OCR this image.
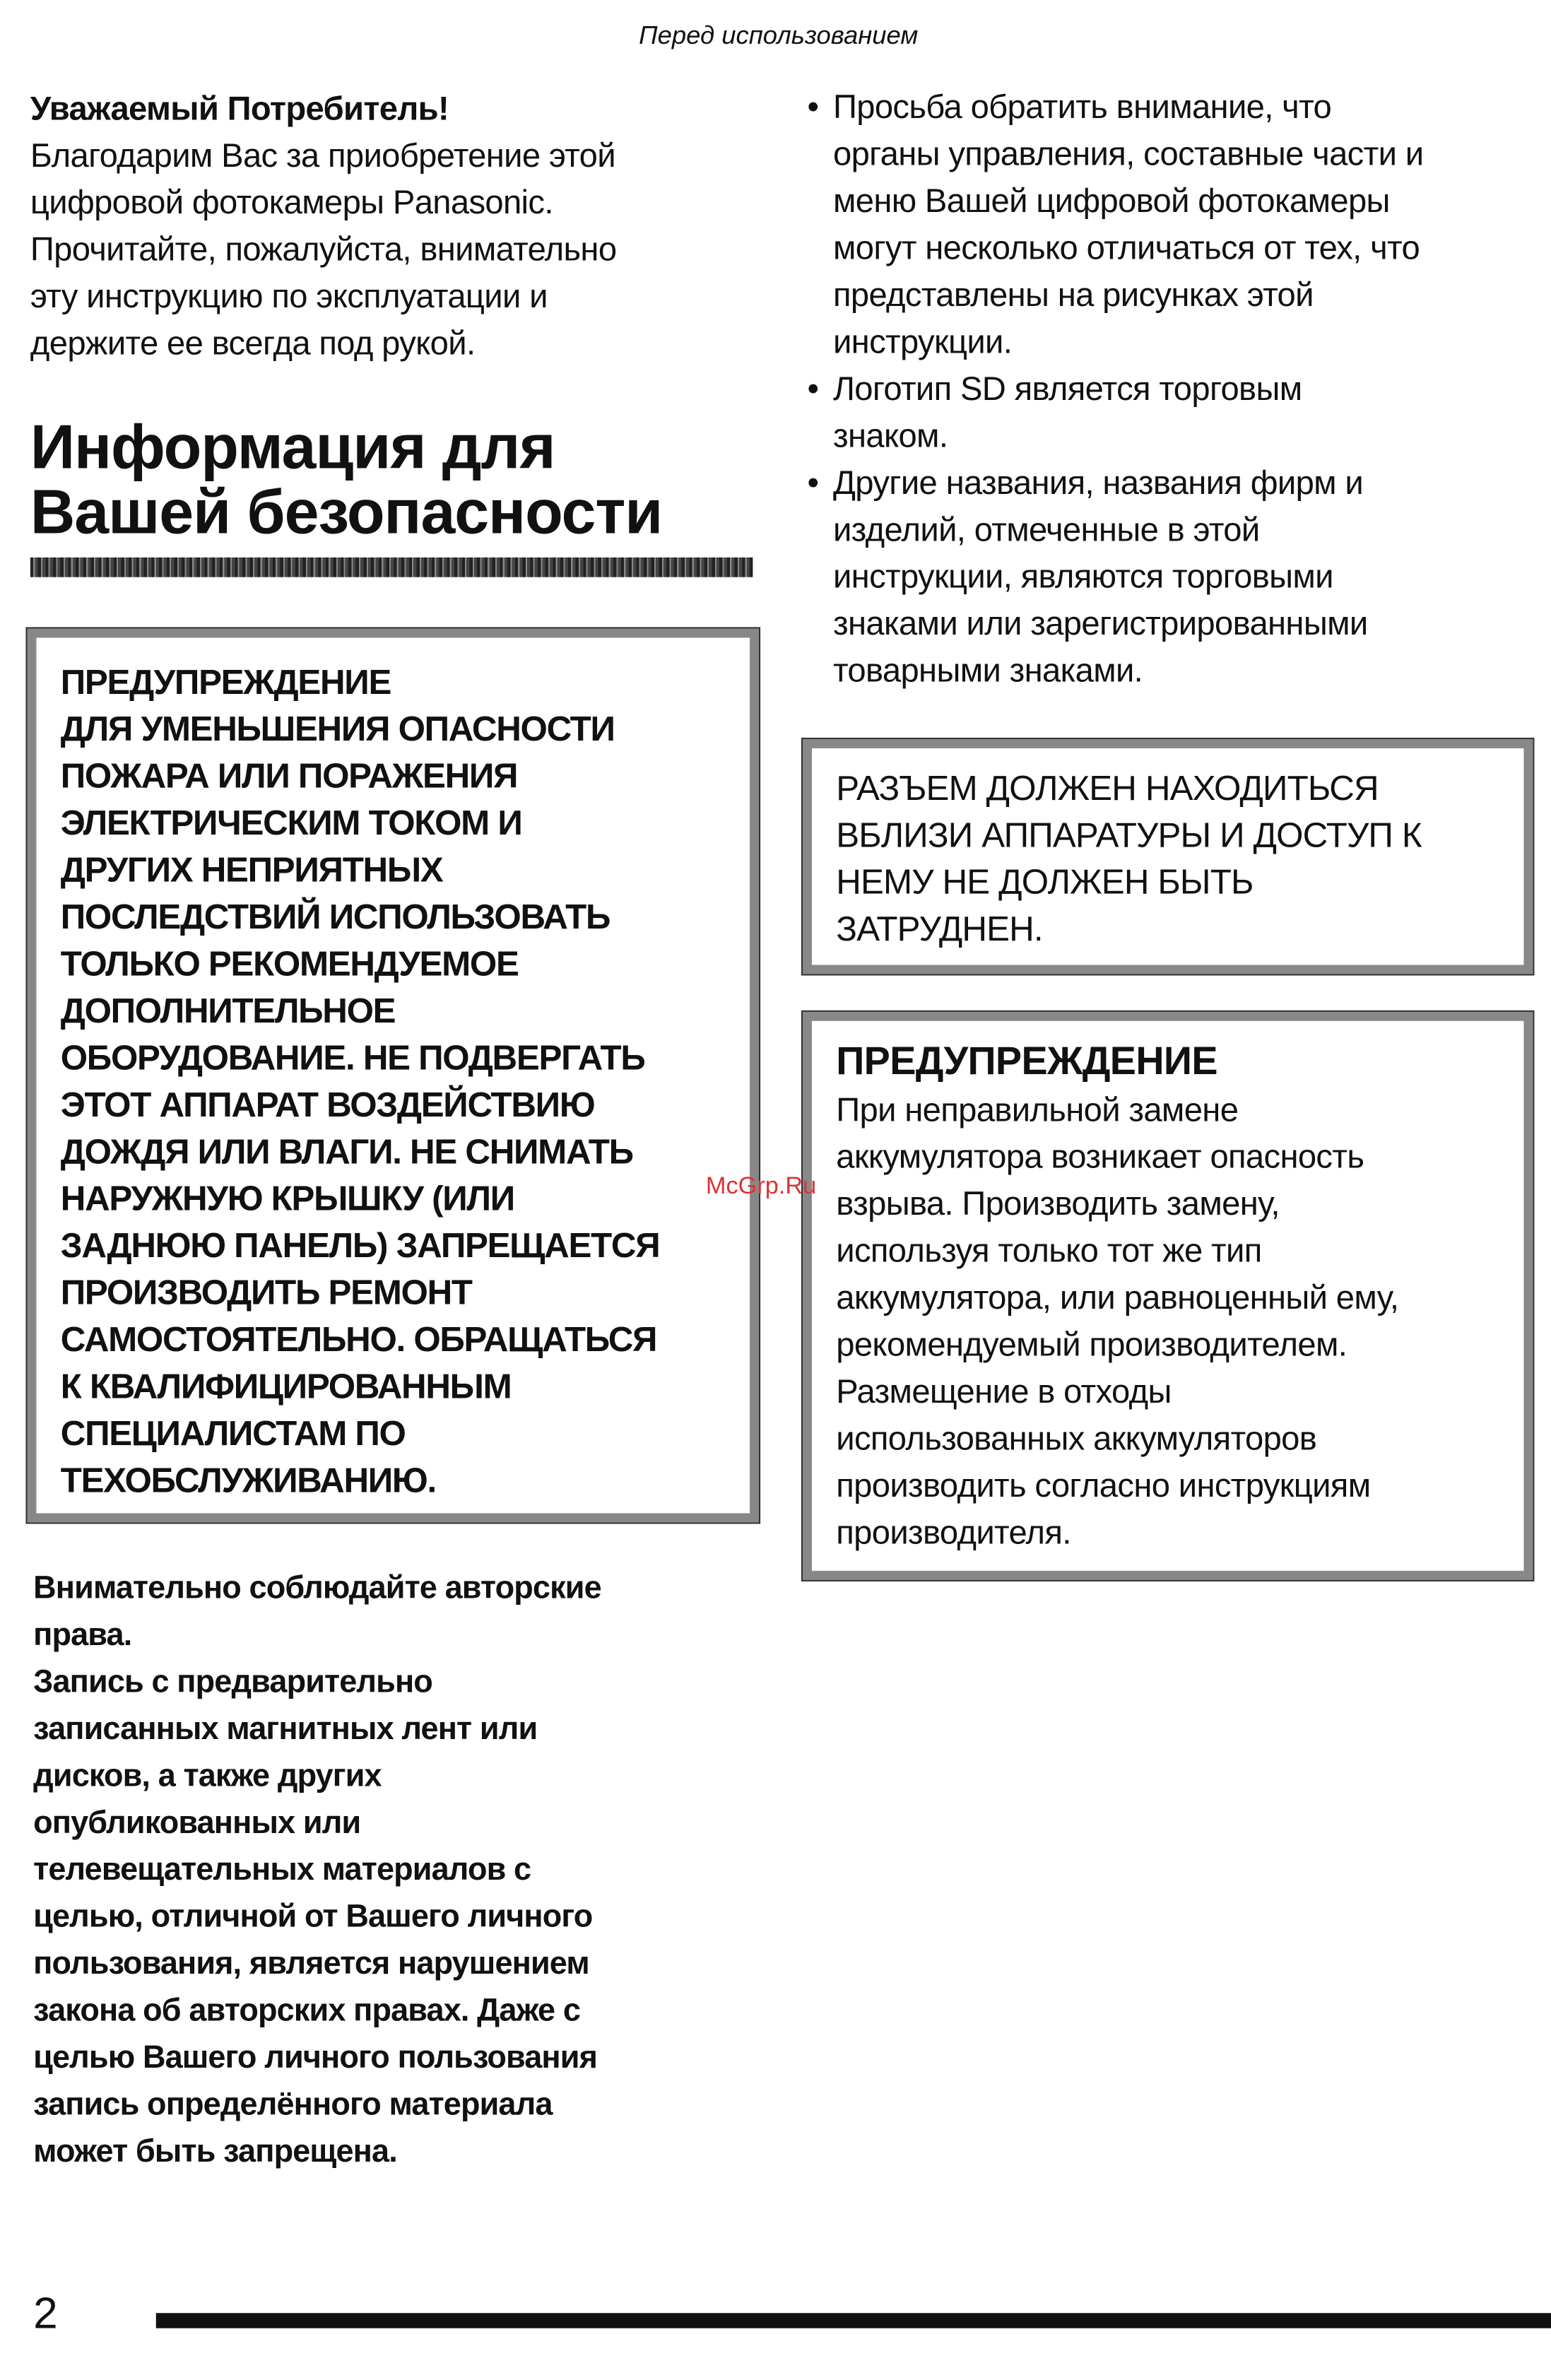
Перед использованием
Уважаемый Потребитель!
Благодарим Вас за приобретение этой
цифровой фотокамеры Panasonic.
Прочитайте, пожалуйста, внимательно
эту инструкцию по эксплуатации и
держите ее всегда под рукой.
Информация для
Вашей безопасности
ПРЕДУПРЕЖДЕНИЕ
ДЛЯ УМЕНЬШЕНИЯ ОПАСНОСТИ
ПОЖАРА ИЛИ ПОРАЖЕНИЯ
ЭЛЕКТРИЧЕСКИМ ТОКОМ И
ДРУГИХ НЕПРИЯТНЫХ
ПОСЛЕДСТВИЙ ИСПОЛЬЗОВАТЬ
ТОЛЬКО РЕКОМЕНДУЕМОЕ
ДОПОЛНИТЕЛЬНОЕ
ОБОРУДОВАНИЕ. НЕ ПОДВЕРГАТЬ
ЭТОТ АППАРАТ ВОЗДЕЙСТВИЮ
ДОЖДЯ ИЛИ ВЛАГИ. НЕ СНИМАТЬ
НАРУЖНУЮ КРЫШКУ (ИЛИ
ЗАДНЮЮ ПАНЕЛЬ) ЗАПРЕЩАЕТСЯ
ПРОИЗВОДИТЬ РЕМОНТ
САМОСТОЯТЕЛЬНО. ОБРАЩАТЬСЯ
К КВАЛИФИЦИРОВАННЫМ
СПЕЦИАЛИСТАМ ПО
ТЕХОБСЛУЖИВАНИЮ.
Внимательно соблюдайте авторские
права.
Запись с предварительно
записанных магнитных лент или
дисков, а также других
опубликованных или
телевещательных материалов с
целью, отличной от Вашего личного
пользования, является нарушением
закона об авторских правах. Даже с
целью Вашего личного пользования
запись определённого материала
может быть запрещена.
• Просьба обратить внимание, что
органы управления, составные части и
меню Вашей цифровой фотокамеры
могут несколько отличаться от тех, что
представлены на рисунках этой
инструкции.
• Логотип SD является торговым
знаком.
• Другие названия, названия фирм и
изделий, отмеченные в этой
инструкции, являются торговыми
знаками или зарегистрированными
товарными знаками.
РАЗЪЕМ ДОЛЖЕН НАХОДИТЬСЯ
ВБЛИЗИ АППАРАТУРЫ И ДОСТУП К
НЕМУ НЕ ДОЛЖЕН БЫТЬ
ЗАТРУДНЕН.
ПРЕДУПРЕЖДЕНИЕ
При неправильной замене
аккумулятора возникает опасность
взрыва. Производить замену,
используя только тот же тип
аккумулятора, или равноценный ему,
рекомендуемый производителем.
Размещение в отходы
использованных аккумуляторов
производить согласно инструкциям
производителя.
McGrp.Ru
2
